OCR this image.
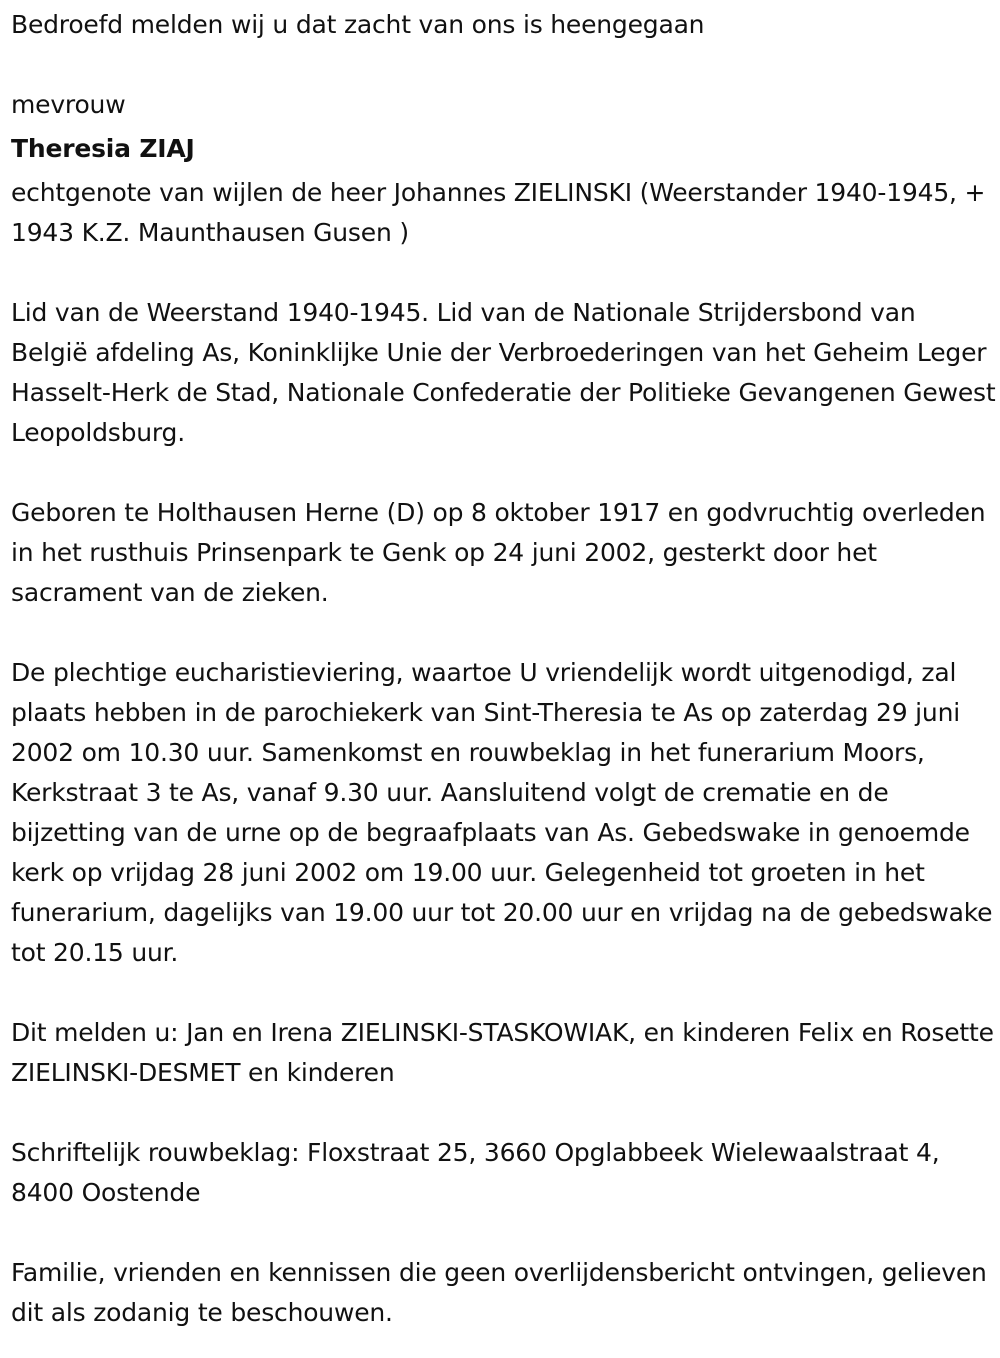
Bedroefd melden wij u dat zacht van ons is heengegaan

mevrouw

Theresia ZIAJ

echtgenote van wijlen de heer Johannes ZIELINSKI (Weerstander 1940-1945, + 1943 K.Z. Maunthausen Gusen )

Lid van de Weerstand 1940-1945. Lid van de Nationale Strijdersbond van België afdeling As, Koninklijke Unie der Verbroederingen van het Geheim Leger Hasselt-Herk de Stad, Nationale Confederatie der Politieke Gevangenen Gewest Leopoldsburg.

Geboren te Holthausen Herne (D) op 8 oktober 1917 en godvruchtig overleden in het rusthuis Prinsenpark te Genk op 24 juni 2002, gesterkt door het sacrament van de zieken.

De plechtige eucharistieviering, waartoe U vriendelijk wordt uitgenodigd, zal plaats hebben in de parochiekerk van Sint-Theresia te As op zaterdag 29 juni 2002 om 10.30 uur. Samenkomst en rouwbeklag in het funerarium Moors, Kerkstraat 3 te As, vanaf 9.30 uur. Aansluitend volgt de crematie en de bijzetting van de urne op de begraafplaats van As. Gebedswake in genoemde kerk op vrijdag 28 juni 2002 om 19.00 uur. Gelegenheid tot groeten in het funerarium, dagelijks van 19.00 uur tot 20.00 uur en vrijdag na de gebedswake tot 20.15 uur.

Dit melden u: Jan en Irena ZIELINSKI-STASKOWIAK, en kinderen Felix en Rosette ZIELINSKI-DESMET en kinderen

Schriftelijk rouwbeklag: Floxstraat 25, 3660 Opglabbeek Wielewaalstraat 4, 8400 Oostende

Familie, vrienden en kennissen die geen overlijdensbericht ontvingen, gelieven dit als zodanig te beschouwen.
